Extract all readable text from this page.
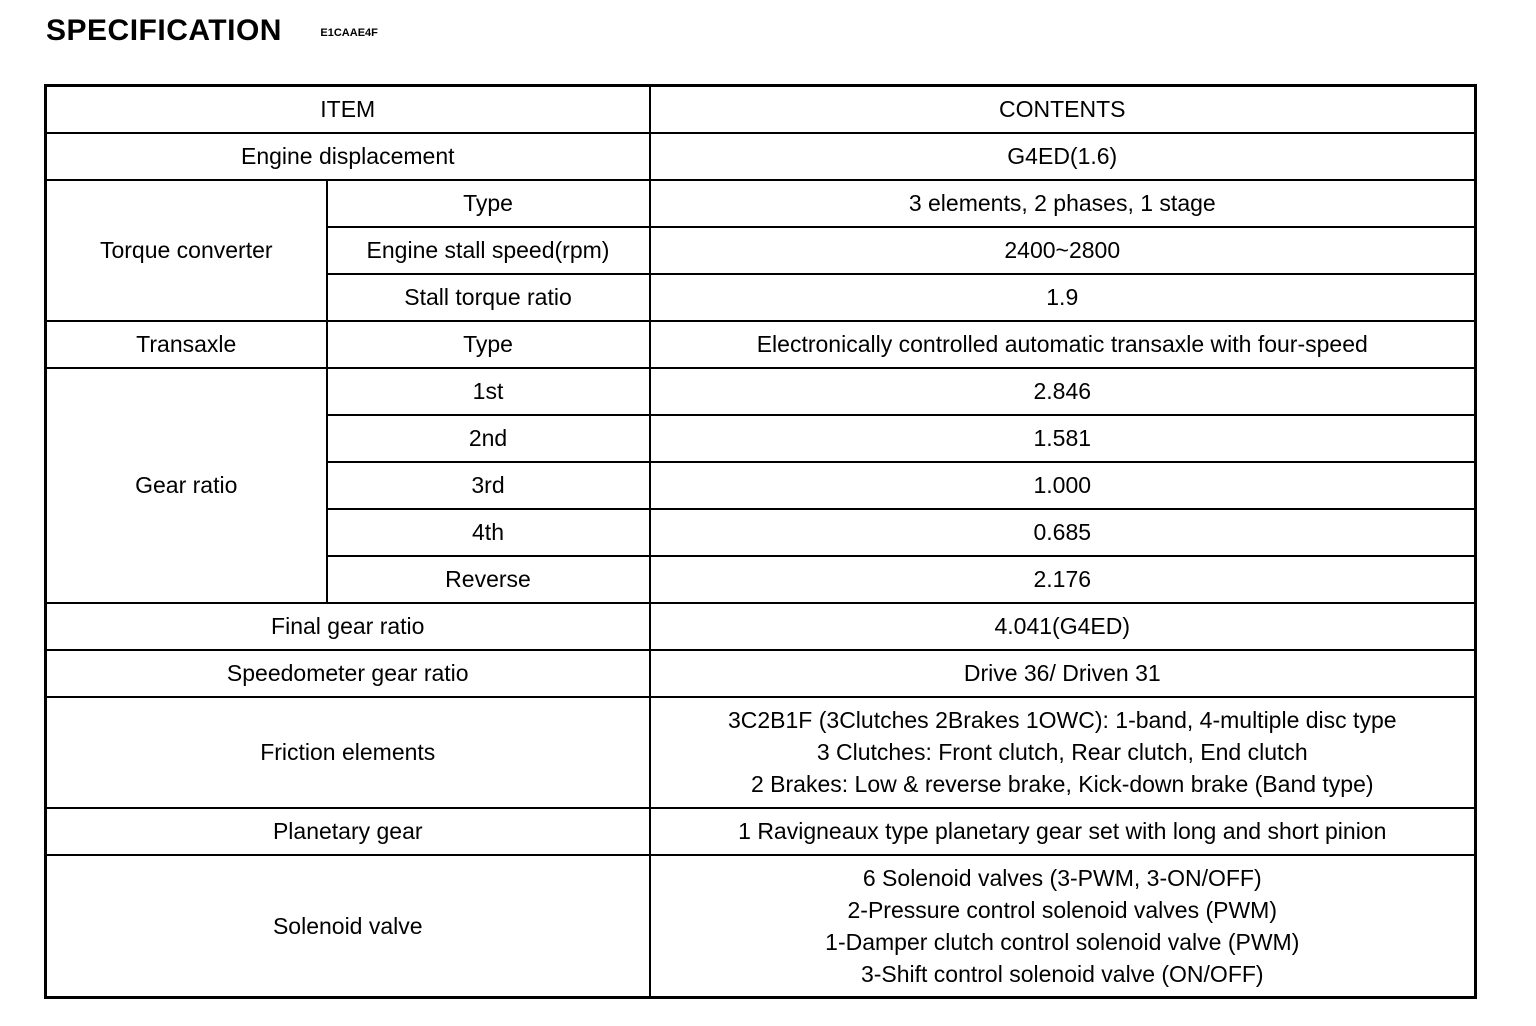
SPECIFICATION	$^{E1CAAE4F}$
ITEM		CONTENTS
Engine displacement		G4ED(1.6)
Torque converter	Type	3 elements, 2 phases, 1 stage
	Engine stall speed(rpm)	2400~2800
	Stall torque ratio	1.9
Transaxle	Type	Electronically controlled automatic transaxle with four-speed
Gear ratio	1st	2.846
	2nd	1.581
	3rd	1.000
	4th	0.685
	Reverse	2.176
Final gear ratio		4.041(G4ED)
Speedometer gear ratio		Drive 36/ Driven 31
Friction elements		3C2B1F (3Clutches 2Brakes 1OWC): 1-band, 4-multiple disc type
3 Clutches: Front clutch, Rear clutch, End clutch
2 Brakes: Low & reverse brake, Kick-down brake (Band type)

Planetary gear		1 Ravigneaux type planetary gear set with long and short pinion
Solenoid valve		6 Solenoid valves (3-PWM, 3-ON/OFF)
2-Pressure control solenoid valves (PWM)
1-Damper clutch control solenoid valve (PWM)
3-Shift control solenoid valve (ON/OFF)
